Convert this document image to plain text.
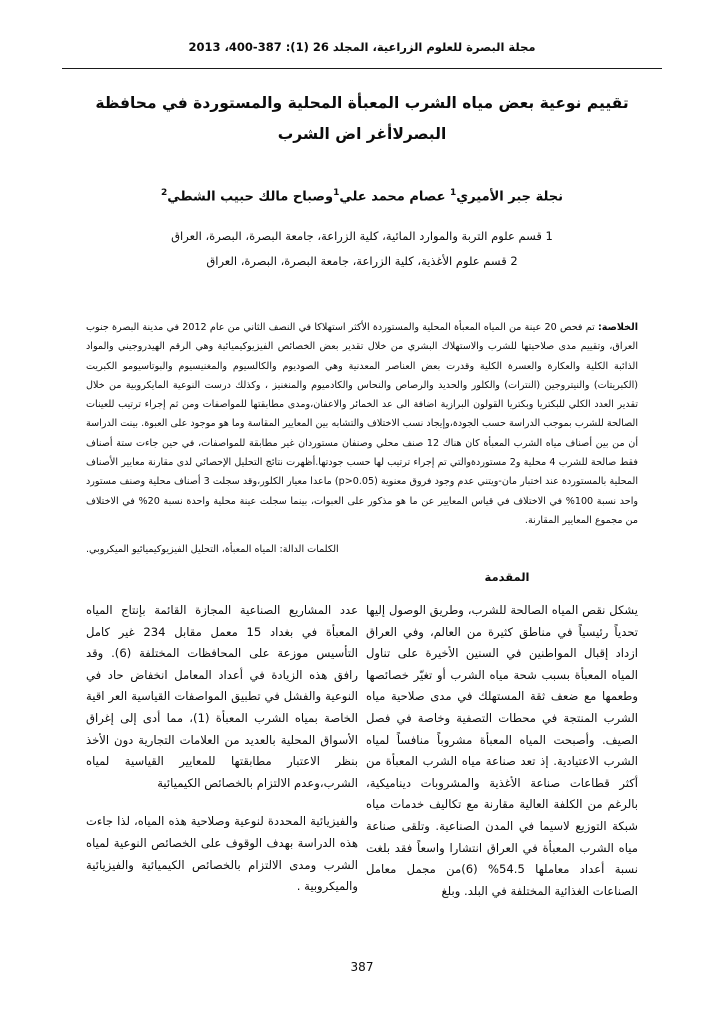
مجلة البصرة للعلوم الزراعية، المجلد 26 (1): 387-400، 2013
تقييم نوعية بعض مياه الشرب المعبأة المحلية والمستوردة في محافظة
البصرلاأغر اض الشرب
نجلة جبر الأميري$^1$ عصام محمد علي$^1$وصباح مالك حبيب الشطي$^2$
1 قسم علوم التربة والموارد المائية، كلية الزراعة، جامعة البصرة، البصرة، العراق
2 قسم علوم الأغذية، كلية الزراعة، جامعة البصرة، البصرة، العراق
الخلاصة: تم فحص 20 عينة من المياه المعبأة المحلية والمستوردة الأكثر استهلاكا في النصف الثاني من عام 2012 في مدينة البصرة جنوب العراق، وتقييم مدى صلاحيتها للشرب والاستهلاك البشري من خلال تقدير بعض الخصائص الفيزيوكيميائية وهي الرقم الهيدروجيني والمواد الذائبة الكلية والعكارة والعسرة الكلية وقدرت بعض العناصر المعدنية وهي الصوديوم والكالسيوم والمغنيسيوم والبوتاسيومو الكبريت (الكبريتات) والنيتروجين (النترات) والكلور والحديد والرصاص والنحاس والكادميوم والمنغنيز ، وكذلك درست النوعية المايكروبية من خلال تقدير العدد الكلي للبكتريا وبكتريا القولون البرازية اضافة الى عد الخمائر والاعفان،ومدى مطابقتها للمواصفات ومن ثم إجراء ترتيب للعينات الصالحة للشرب بموجب الدراسة حسب الجودة،وإيجاد نسب الاختلاف والتشابه بين المعايير المقاسة وما هو موجود على العبوة. بينت الدراسة أن من بين أصناف مياه الشرب المعبأة كان هناك 12 صنف محلي وصنفان مستوردان غير مطابقة للمواصفات، في حين جاءت ستة أصناف فقط صالحة للشرب 4 محلية و2 مستوردةوالتي تم إجراء ترتيب لها حسب جودتها.أظهرت نتائج التحليل الإحصائي لدى مقارنة معايير الأصناف المحلية بالمستوردة عند اختبار مان-ويتني عدم وجود فروق معنوية (p>0.05) ماعدا معيار الكلور،وقد سجلت 3 أصناف محلية وصنف مستورد واحد نسبة 100% في الاختلاف في قياس المعايير عن ما هو مذكور على العبوات، بينما سجلت عينة محلية واحدة نسبة 20% في الاختلاف من مجموع المعايير المقارنة.
الكلمات الدالة: المياه المعبأة، التحليل الفيزيوكيميائيو الميكروبي.
المقدمة

يشكل نقص المياه الصالحة للشرب، وطريق الوصول إليها تحدياً رئيسياً في مناطق كثيرة من العالم، وفي العراق ازداد إقبال المواطنين في السنين الأخيرة على تناول المياه المعبأة بسبب شحة مياه الشرب أو تغيّر خصائصها وطعمها مع ضعف ثقة المستهلك في مدى صلاحية مياه الشرب المنتجة في محطات التصفية وخاصة في فصل الصيف. وأصبحت المياه المعبأة مشروباً منافساً لمياه الشرب الاعتيادية. إذ تعد صناعة مياه الشرب المعبأة من أكثر قطاعات صناعة الأغذية والمشروبات ديناميكية، بالرغم من الكلفة العالية مقارنة مع تكاليف خدمات مياه شبكة التوزيع لاسيما في المدن الصناعية. وتلقى صناعة مياه الشرب المعبأة في العراق انتشارا واسعاً فقد بلغت نسبة أعداد معاملها 54.5% (6)من مجمل معامل الصناعات الغذائية المختلفة في البلد. وبلغ

عدد المشاريع الصناعية المجازة القائمة بإنتاج المياه المعبأة في بغداد 15 معمل مقابل 234 غير كامل التأسيس موزعة على المحافظات المختلفة (6). وقد رافق هذه الزيادة في أعداد المعامل انخفاض حاد في النوعية والفشل في تطبيق المواصفات القياسية العر اقية الخاصة بمياه الشرب المعبأة (1)، مما أدى إلى إغراق الأسواق المحلية بالعديد من العلامات التجارية دون الأخذ بنظر الاعتبار مطابقتها للمعايير القياسية لمياه الشرب،وعدم الالتزام بالخصائص الكيميائية

والفيزيائية المحددة لنوعية وصلاحية هذه المياه، لذا جاءت هذه الدراسة بهدف الوقوف على الخصائص النوعية لمياه الشرب ومدى الالتزام بالخصائص الكيميائية والفيزيائية والميكروبية .

387
